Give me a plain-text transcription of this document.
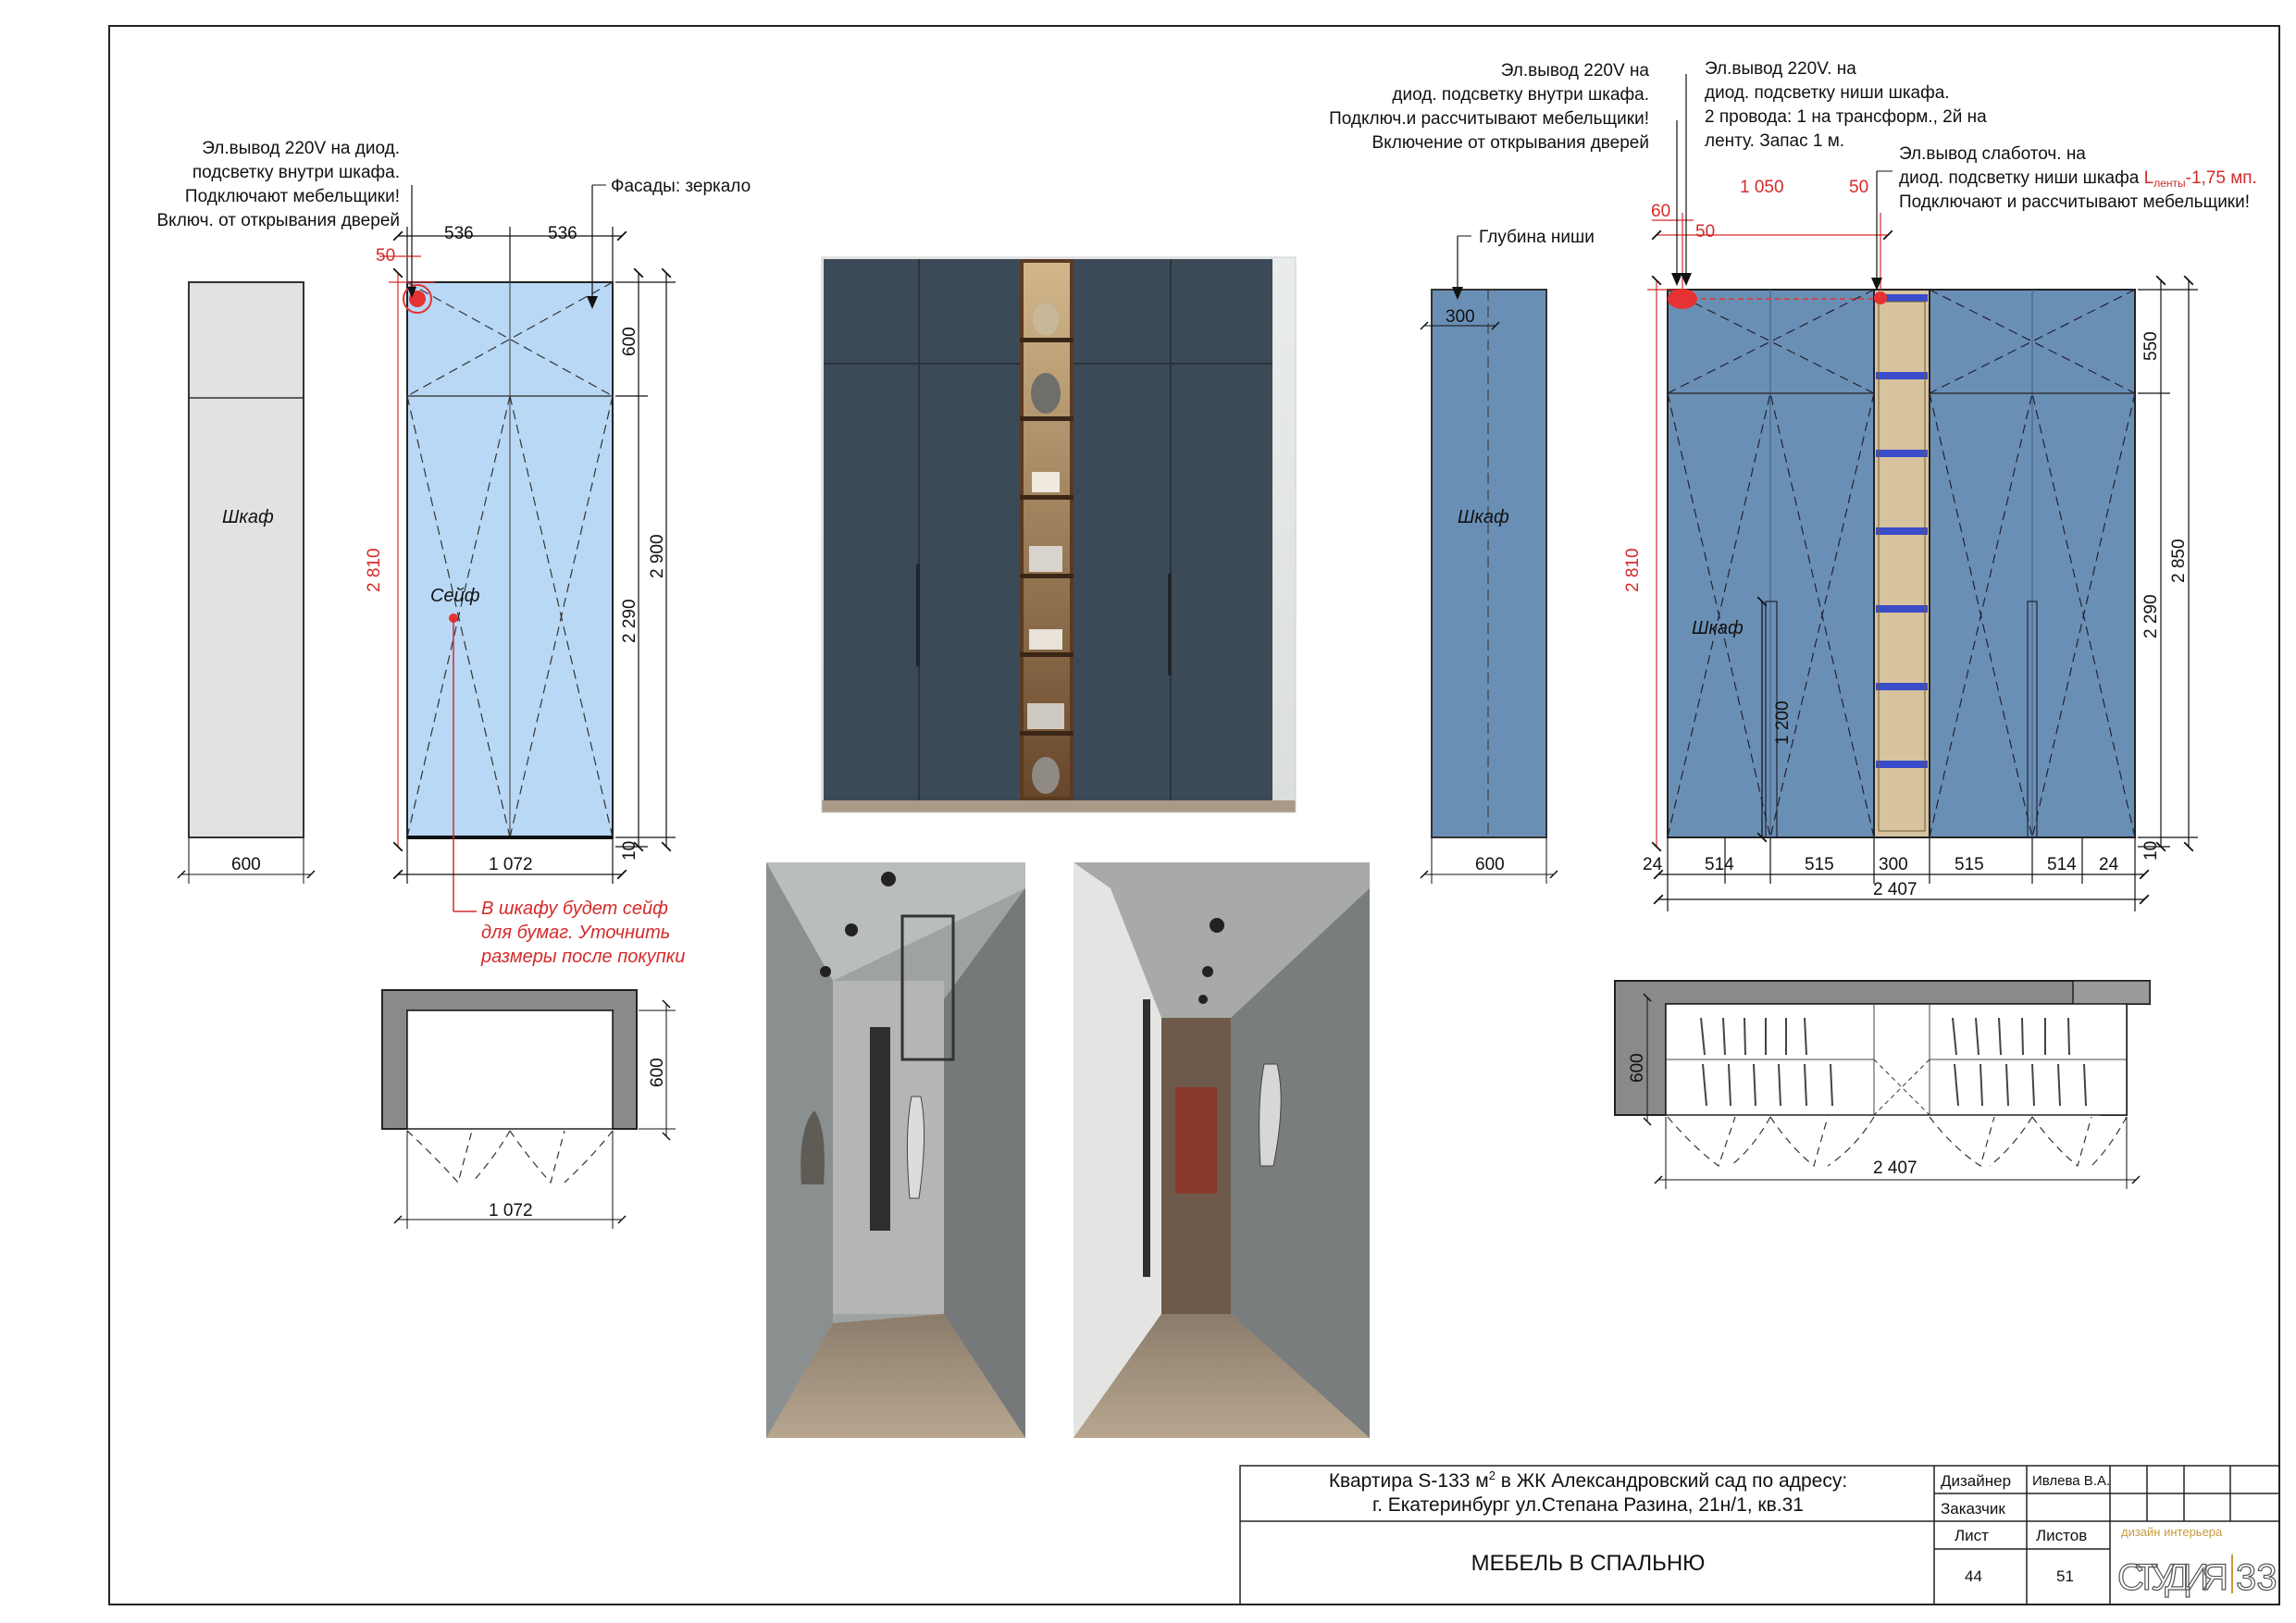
Шкаф
600
Сейф
536	536
50
1 072
2 810
600
2 290
2 900
10
Эл.вывод 220V на диод.
подсветку внутри шкафа.
Подключают мебельщики!
Включ. от открывания дверей
Фасады: зеркало
В шкафу будет сейф
для бумаг. Уточнить
размеры после покупки
1 072
600
Шкаф
600
300
Глубина ниши
Шкаф
60
50
1 050	50
2 810
550
2 290
2 850
10
1 200
24 514	515	300	515	514 24
2 407
Эл.вывод 220V на
диод. подсветку внутри шкафа.
Подключ.и рассчитывают мебельщики!
Включение от открывания дверей
Эл.вывод 220V. на
диод. подсветку ниши шкафа.
2 провода: 1 на трансформ., 2й на
ленту. Запас 1 м.
Эл.вывод слаботоч. на
диод. подсветку ниши шкафа $L_{ленты}-1,75$ мп.
Подключают и рассчитывают мебельщики!
2 407
600
Квартира S-133 $м^2$ в ЖК Александровский сад по адресу:
г. Екатеринбург ул.Степана Разина, 21н/1, кв.31
МЕБЕЛЬ В СПАЛЬНЮ
Дизайнер Ивлева В.А.
Заказчик
Лист	Листов
44	51
дизайн интерьера
СТУДИЯ 33
